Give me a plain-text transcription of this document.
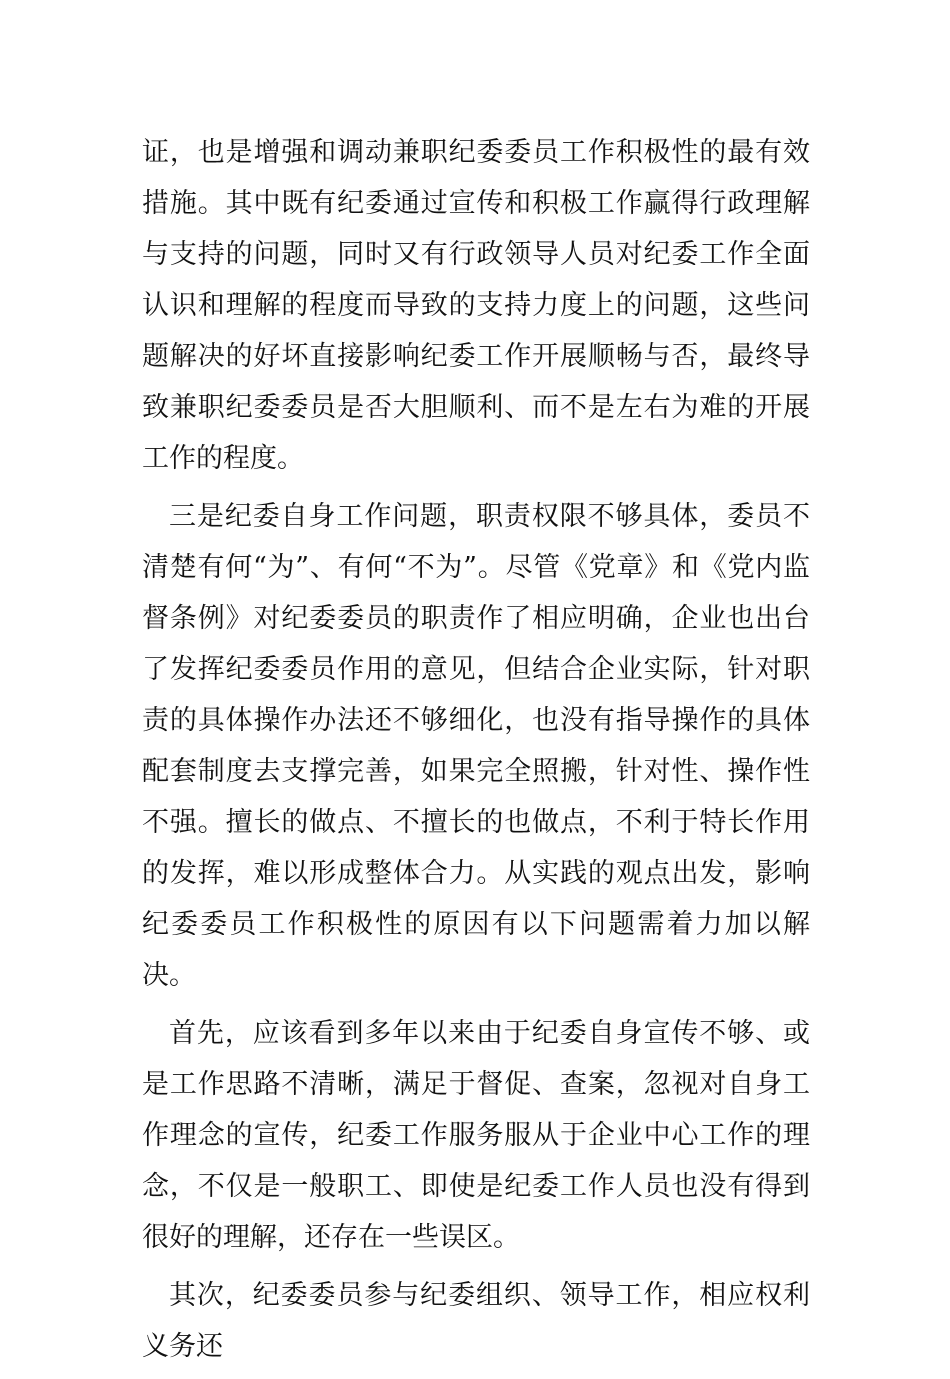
证，也是增强和调动兼职纪委委员工作积极性的最有效措施。其中既有纪委通过宣传和积极工作赢得行政理解与支持的问题，同时又有行政领导人员对纪委工作全面认识和理解的程度而导致的支持力度上的问题，这些问题解决的好坏直接影响纪委工作开展顺畅与否，最终导致兼职纪委委员是否大胆顺利、而不是左右为难的开展工作的程度。

三是纪委自身工作问题，职责权限不够具体，委员不清楚有何“为”、有何“不为”。尽管《党章》和《党内监督条例》对纪委委员的职责作了相应明确，企业也出台了发挥纪委委员作用的意见，但结合企业实际，针对职责的具体操作办法还不够细化，也没有指导操作的具体配套制度去支撑完善，如果完全照搬，针对性、操作性不强。擅长的做点、不擅长的也做点，不利于特长作用的发挥，难以形成整体合力。从实践的观点出发，影响纪委委员工作积极性的原因有以下问题需着力加以解决。

首先，应该看到多年以来由于纪委自身宣传不够、或是工作思路不清晰，满足于督促、查案，忽视对自身工作理念的宣传，纪委工作服务服从于企业中心工作的理念，不仅是一般职工、即使是纪委工作人员也没有得到很好的理解，还存在一些误区。

其次，纪委委员参与纪委组织、领导工作，相应权利义务还
